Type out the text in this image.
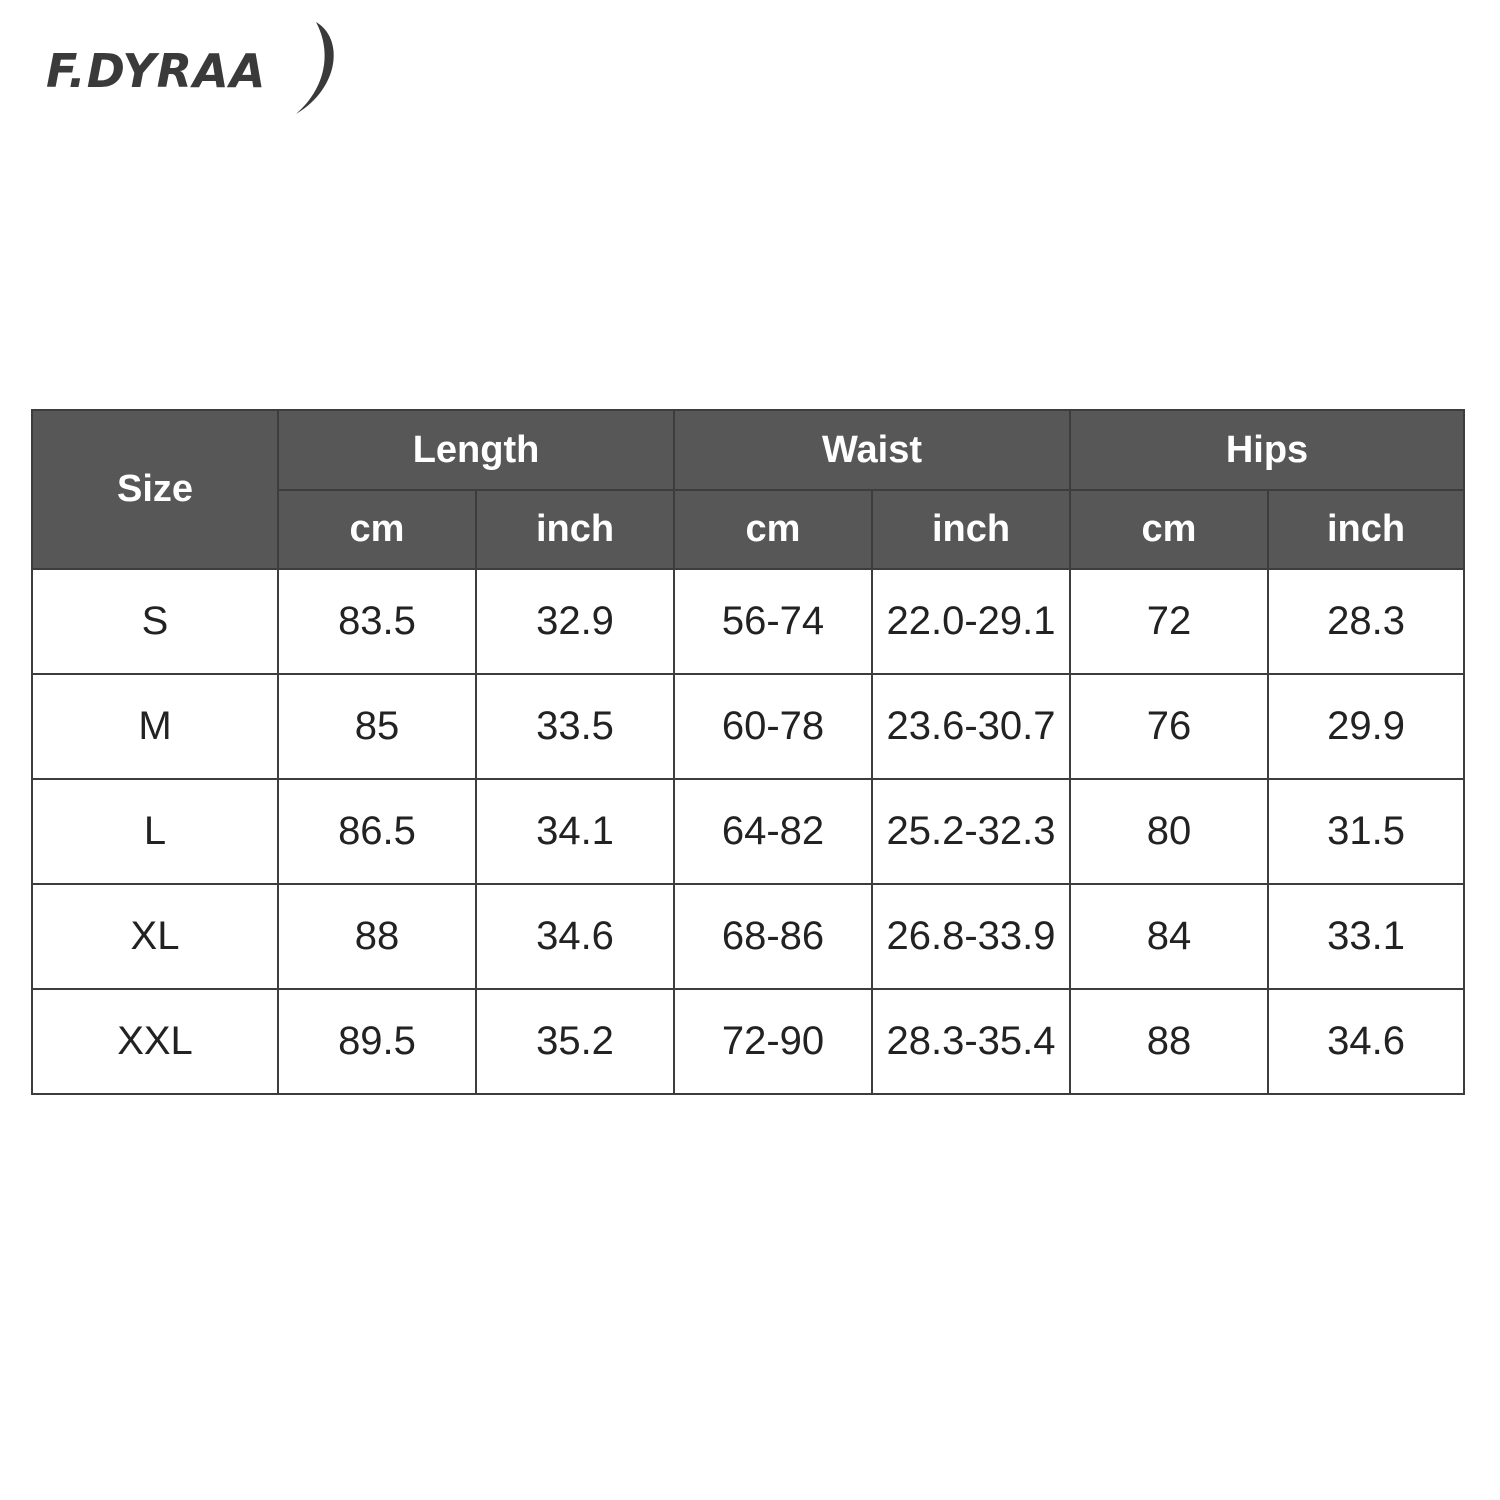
F.DYRAA
Size	Length		Waist		Hips	
	cm	inch	cm	inch	cm	inch
S	83.5	32.9	56-74	22.0-29.1	72	28.3
M	85	33.5	60-78	23.6-30.7	76	29.9
L	86.5	34.1	64-82	25.2-32.3	80	31.5
XL	88	34.6	68-86	26.8-33.9	84	33.1
XXL	89.5	35.2	72-90	28.3-35.4	88	34.6
